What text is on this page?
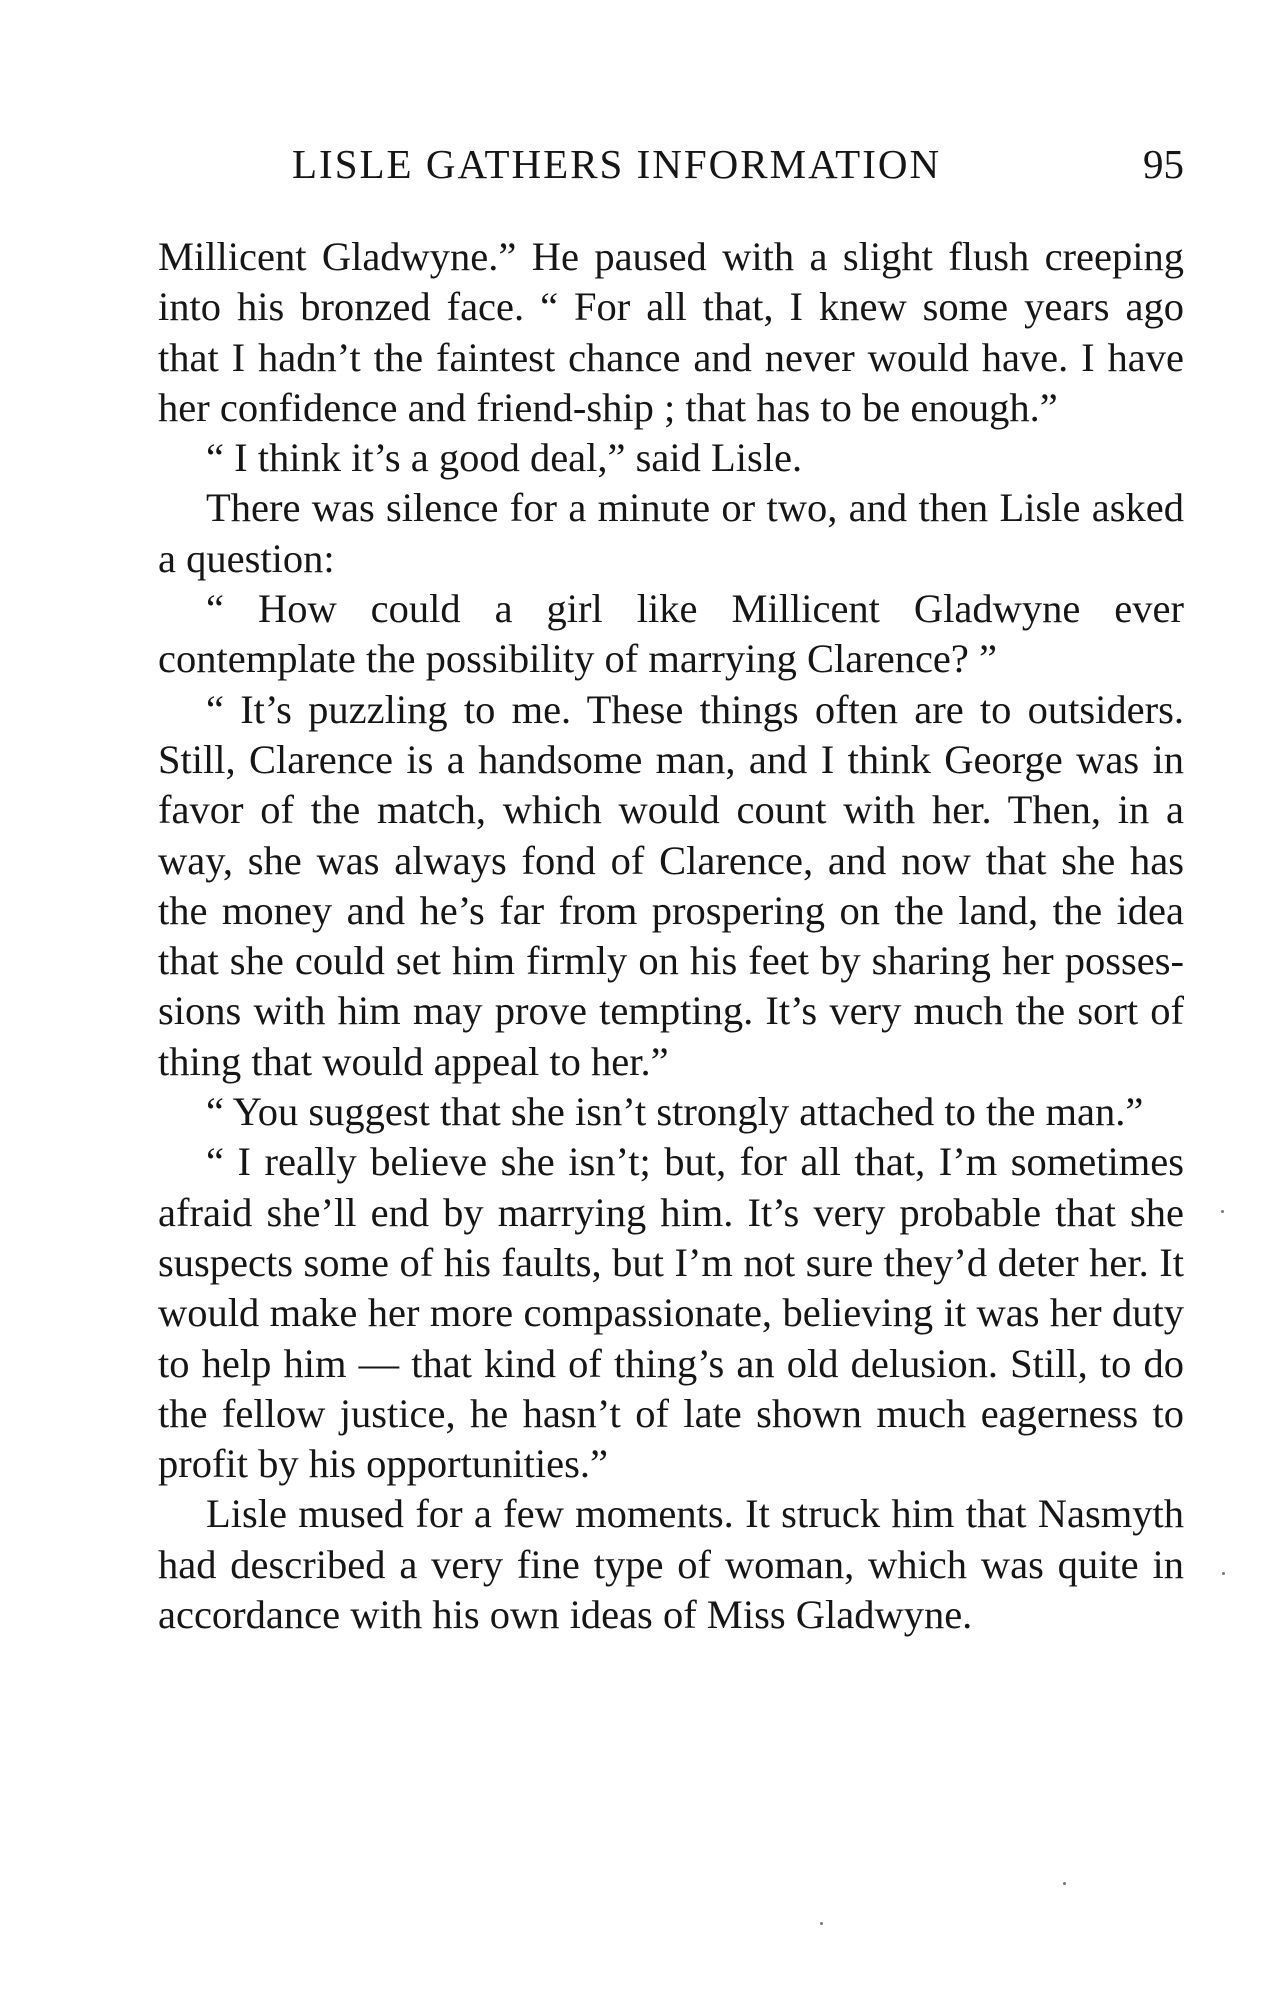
LISLE GATHERS INFORMATION	95

Millicent Gladwyne.” He paused with a slight flush creeping into his bronzed face. “ For all that, I knew some years ago that I hadn’t the faintest chance and never would have. I have her confidence and friend-ship ; that has to be enough.”

“ I think it’s a good deal,” said Lisle.

There was silence for a minute or two, and then Lisle asked a question:

“ How could a girl like Millicent Gladwyne ever contemplate the possibility of marrying Clarence? ”

“ It’s puzzling to me. These things often are to outsiders. Still, Clarence is a handsome man, and I think George was in favor of the match, which would count with her. Then, in a way, she was always fond of Clarence, and now that she has the money and he’s far from prospering on the land, the idea that she could set him firmly on his feet by sharing her posses-sions with him may prove tempting. It’s very much the sort of thing that would appeal to her.”

“ You suggest that she isn’t strongly attached to the man.”

“ I really believe she isn’t; but, for all that, I’m sometimes afraid she’ll end by marrying him. It’s very probable that she suspects some of his faults, but I’m not sure they’d deter her. It would make her more compassionate, believing it was her duty to help him — that kind of thing’s an old delusion. Still, to do the fellow justice, he hasn’t of late shown much eagerness to profit by his opportunities.”

Lisle mused for a few moments. It struck him that Nasmyth had described a very fine type of woman, which was quite in accordance with his own ideas of Miss Gladwyne.
